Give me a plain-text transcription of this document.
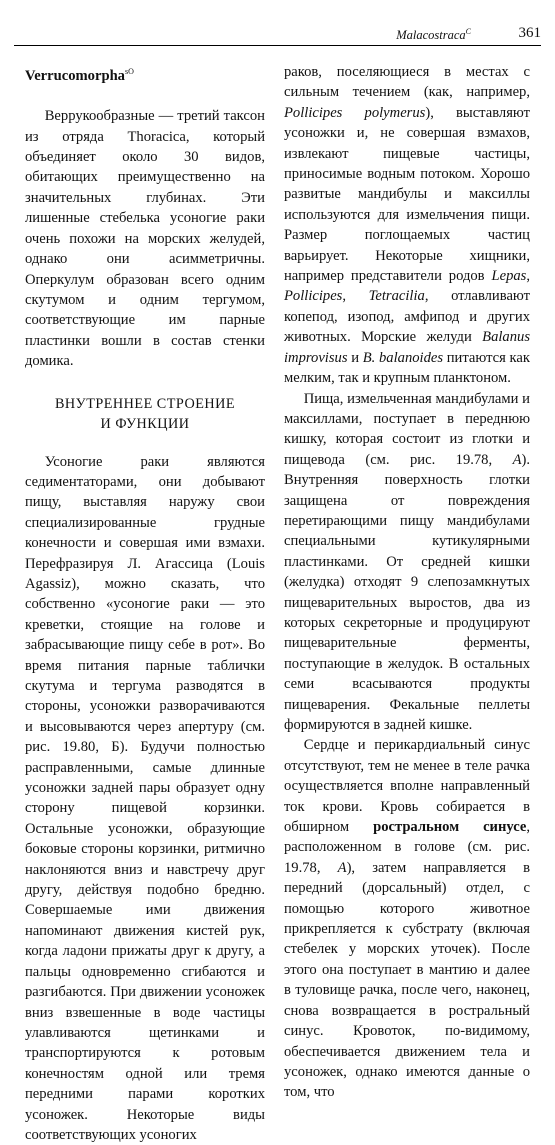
Malacostraca$^C$	361
Verrucomorpha$^{sO}$

Веррукообразные — третий таксон из отряда Thoracica, который объединяет около 30 видов, обитающих преимущественно на значительных глубинах. Эти лишенные стебелька усоногие раки очень похожи на морских желудей, однако они асимметричны. Оперкулум образован всего одним скутумом и одним тергумом, соответствующие им парные пластинки вошли в состав стенки домика.

ВНУТРЕННЕЕ СТРОЕНИЕ
И ФУНКЦИИ

Усоногие раки являются седиментаторами, они добывают пищу, выставляя наружу свои специализированные грудные конечности и совершая ими взмахи. Перефразируя Л. Агассица (Louis Agassiz), можно сказать, что собственно «усоногие раки — это креветки, стоящие на голове и забрасывающие пищу себе в рот». Во время питания парные таблички скутума и тергума разводятся в стороны, усоножки разворачиваются и высовываются через апертуру (см. рис. 19.80, Б). Будучи полностью расправленными, самые длинные усоножки задней пары образует одну сторону пищевой корзинки. Остальные усоножки, образующие боковые стороны корзинки, ритмично наклоняются вниз и навстречу друг другу, действуя подобно бредню. Совершаемые ими движения напоминают движения кистей рук, когда ладони прижаты друг к другу, а пальцы одновременно сгибаются и разгибаются. При движении усоножек вниз взвешенные в воде частицы улавливаются щетинками и транспортируются к ротовым конечностям одной или тремя передними парами коротких усоножек. Некоторые виды соответствующих усоногих

раков, поселяющиеся в местах с сильным течением (как, например, Pollicipes polymerus), выставляют усоножки и, не совершая взмахов, извлекают пищевые частицы, приносимые водным потоком. Хорошо развитые мандибулы и максиллы используются для измельчения пищи. Размер поглощаемых частиц варьирует. Некоторые хищники, например представители родов Lepas, Pollicipes, Tetracilia, отлавливают копепод, изопод, амфипод и других животных. Морские желуди Balanus improvisus и B. balanoides питаются как мелким, так и крупным планктоном.

Пища, измельченная мандибулами и максиллами, поступает в переднюю кишку, которая состоит из глотки и пищевода (см. рис. 19.78, А). Внутренняя поверхность глотки защищена от повреждения перетирающими пищу мандибулами специальными кутикулярными пластинками. От средней кишки (желудка) отходят 9 слепозамкнутых пищеварительных выростов, два из которых секреторные и продуцируют пищеварительные ферменты, поступающие в желудок. В остальных семи всасываются продукты пищеварения. Фекальные пеллеты формируются в задней кишке.

Сердце и перикардиальный синус отсутствуют, тем не менее в теле рачка осуществляется вполне направленный ток крови. Кровь собирается в обширном ростральном синусе, расположенном в голове (см. рис. 19.78, А), затем направляется в передний (дорсальный) отдел, с помощью которого животное прикрепляется к субстрату (включая стебелек у морских уточек). После этого она поступает в мантию и далее в туловище рачка, после чего, наконец, снова возвращается в ростральный синус. Кровоток, по-видимому, обеспечивается движением тела и усоножек, однако имеются данные о том, что
